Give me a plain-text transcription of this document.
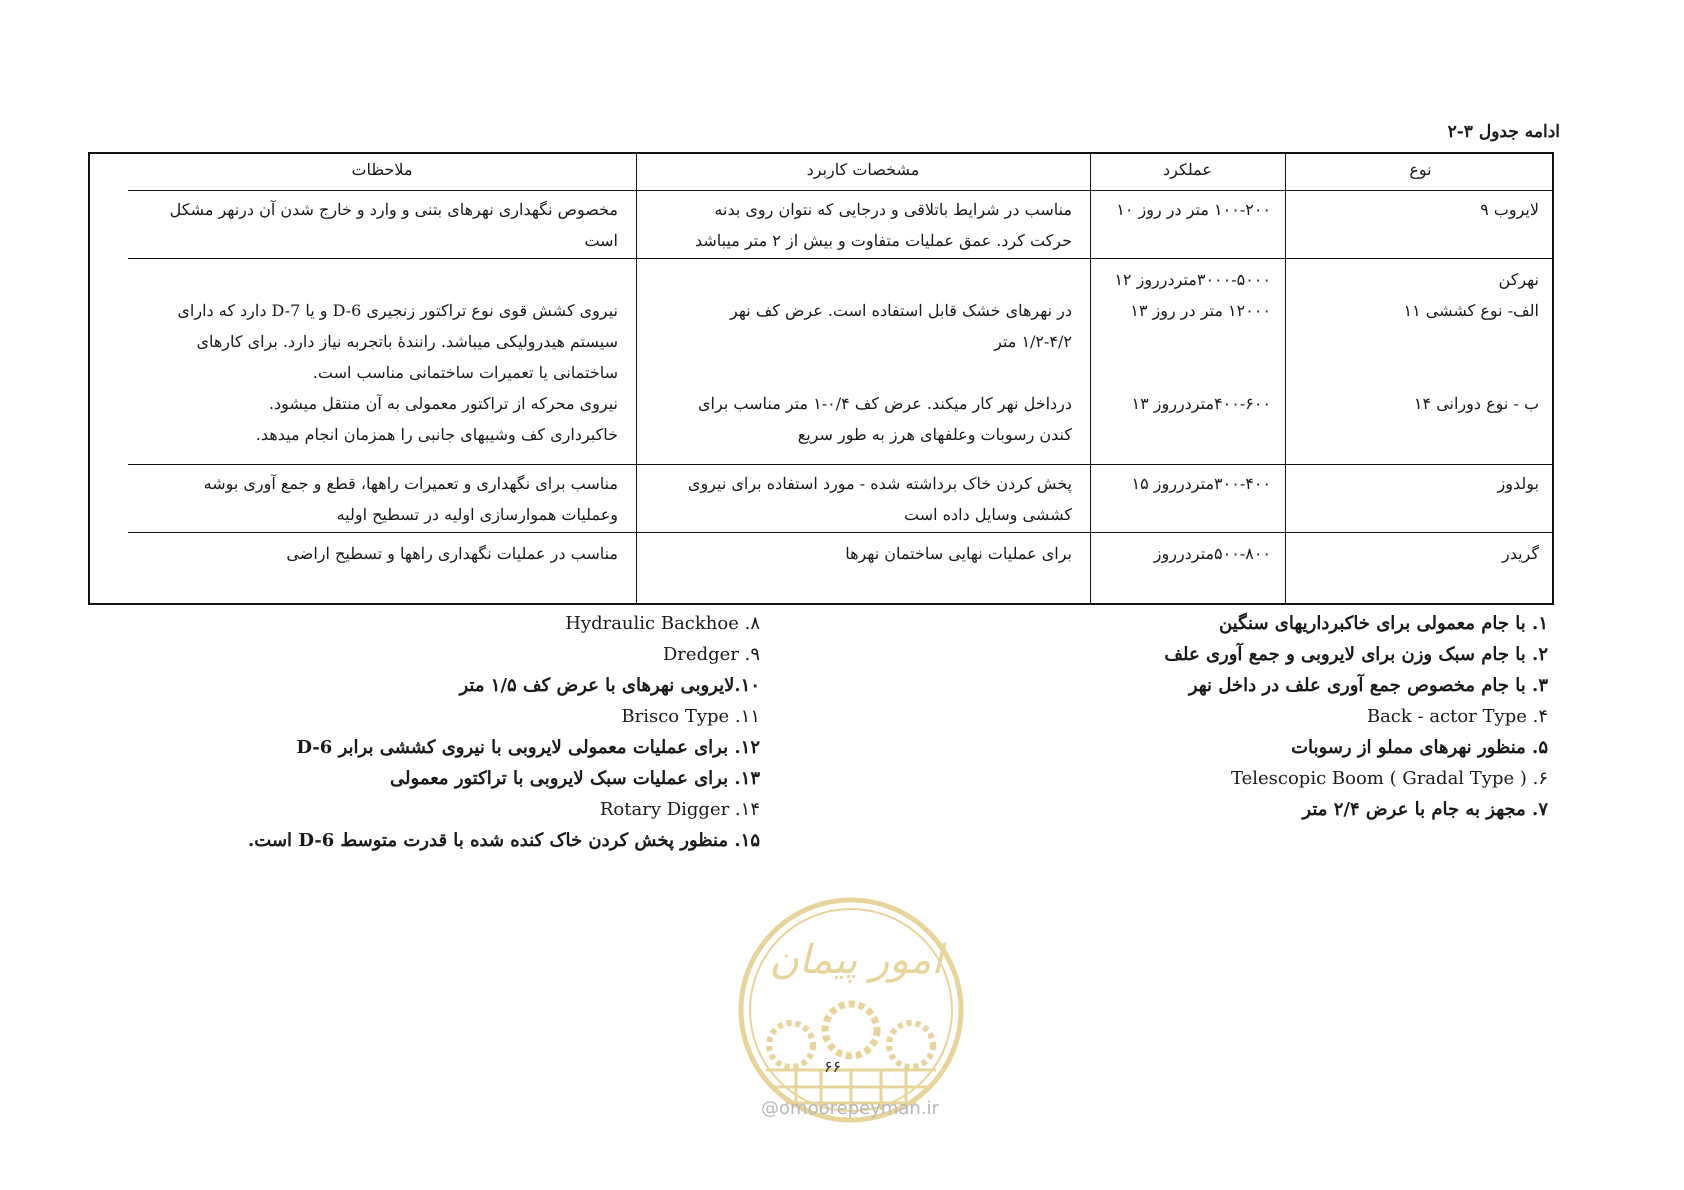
ادامه جدول ۳-۲
نوع
عملکرد
مشخصات کاربرد
ملاحظات
لایروب ۹
۱۰۰-۲۰۰ متر در روز ۱۰
مناسب در شرایط باتلاقی و درجایی که نتوان روی بدنه
حرکت کرد. عمق عملیات متفاوت و بیش از ۲ متر میباشد
مخصوص نگهداری نهرهای بتنی و وارد و خارج شدن آن درنهر مشکل
است
نهرکن
الف- نوع کششی ۱۱

ب - نوع دورانی ۱۴
۳۰۰۰-۵۰۰۰متردرروز ۱۲
۱۲۰۰۰ متر در روز ۱۳

۴۰۰-۶۰۰متردرروز ۱۳

در نهرهای خشک قابل استفاده است. عرض کف نهر
۱/۲-۴/۲ متر

درداخل نهر کار میکند. عرض کف ۰/۴-۱ متر مناسب برای
کندن رسوبات وعلفهای هرز به طور سریع

نیروی کشش قوی نوع تراکتور زنجیری D-6 و یا D-7 دارد که دارای
سیستم هیدرولیکی میباشد. رانندۀ باتجربه نیاز دارد. برای کارهای
ساختمانی یا تعمیرات ساختمانی مناسب است.
نیروی محرکه از تراکتور معمولی به آن منتقل میشود.
خاکبرداری کف وشیبهای جانبی را همزمان انجام میدهد.
بولدوز
۳۰۰-۴۰۰متردرروز ۱۵
پخش کردن خاک برداشته شده - مورد استفاده برای نیروی
کششی وسایل داده است
مناسب برای نگهداری و تعمیرات راهها، قطع و جمع آوری بوشه
وعملیات هموارسازی اولیه در تسطیح اولیه
گریدر
۵۰۰-۸۰۰متردرروز
برای عملیات نهایی ساختمان نهرها
مناسب در عملیات نگهداری راهها و تسطیح اراضی
۱. با جام معمولی برای خاکبرداریهای سنگین
۲. با جام سبک وزن برای لایروبی و جمع آوری علف
۳. با جام مخصوص جمع آوری علف در داخل نهر
۴. Back - actor Type
۵. منظور نهرهای مملو از رسوبات
۶. Telescopic Boom ( Gradal Type )
۷. مجهز به جام با عرض ۲/۴ متر
۸. Hydraulic Backhoe
۹. Dredger
۱۰.لایروبی نهرهای با عرض کف ۱/۵ متر
۱۱. Brisco Type
۱۲. برای عملیات معمولی لایروبی با نیروی کششی برابر D-6
۱۳. برای عملیات سبک لایروبی با تراکتور معمولی
۱۴. Rotary Digger
۱۵. منظور پخش کردن خاک کنده شده با قدرت متوسط D-6 است.
امور پیمان
۶۶
@omoorepeyman.ir
